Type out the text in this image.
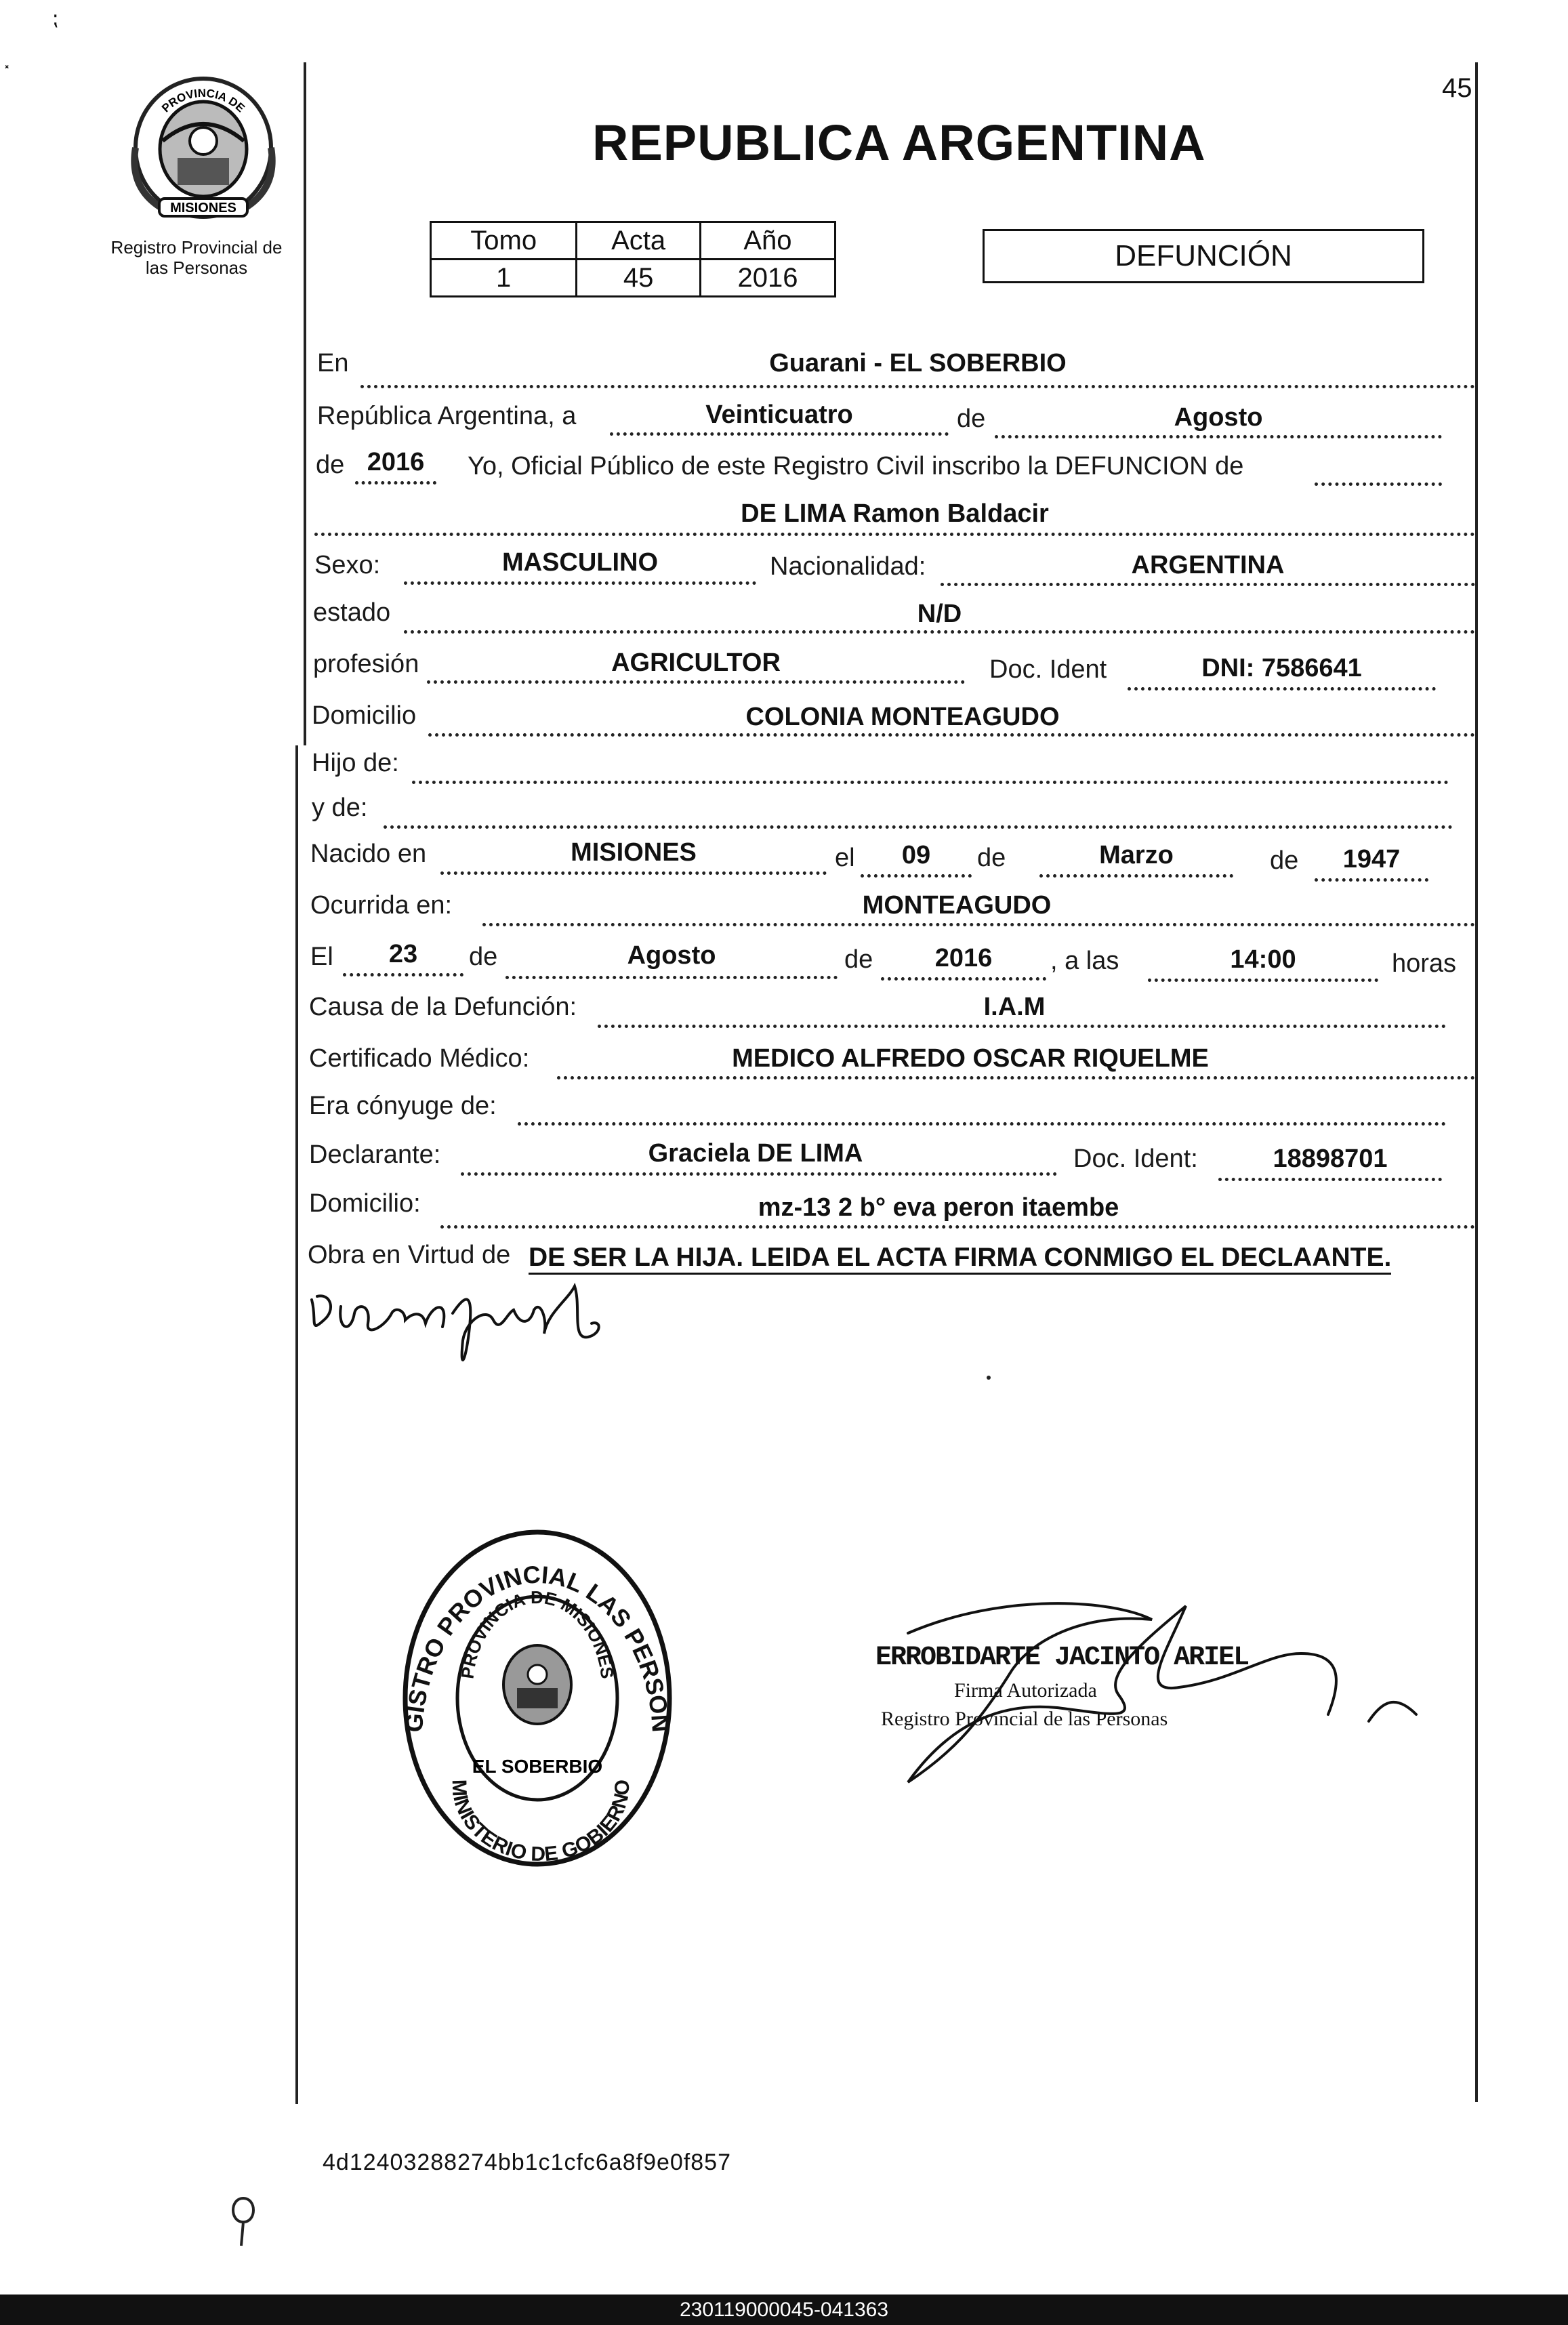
⁏
⸼
45
MISIONES
PROVINCIA DE
Registro Provincial de
las Personas
REPUBLICA ARGENTINA
Tomo	Acta	Año
1	45	2016
DEFUNCIÓN
En	Guarani - EL SOBERBIO
República Argentina, a	Veinticuatro	de	Agosto
de 2016	Yo, Oficial Público de este Registro Civil inscribo la DEFUNCION de
DE LIMA Ramon Baldacir
Sexo:	MASCULINO	Nacionalidad:	ARGENTINA
estado	N/D
profesión	AGRICULTOR	Doc. Ident	DNI: 7586641
Domicilio	COLONIA MONTEAGUDO
Hijo de:
y de:
Nacido en	MISIONES	el	09	de	Marzo	de	1947
Ocurrida en:	MONTEAGUDO
El	23	de	Agosto	de	2016	, a las	14:00	horas
Causa de la Defunción:	I.A.M
Certificado Médico:	MEDICO ALFREDO OSCAR RIQUELME
Era cónyuge de:
Declarante:	Graciela DE LIMA	Doc. Ident:	18898701
Domicilio:	mz-13 2 b° eva peron itaembe
Obra en Virtud de DE SER LA HIJA. LEIDA EL ACTA FIRMA CONMIGO EL DECLAANTE.
GISTRO PROVINCIAL LAS PERSON
PROVINCIA DE MISIONES
EL SOBERBIO
MINISTERIO DE GOBIERNO
ERROBIDARTE JACINTO ARIEL
Firma Autorizada
Registro Provincial de las Personas
4d12403288274bb1c1cfc6a8f9e0f857
230119000045-041363
